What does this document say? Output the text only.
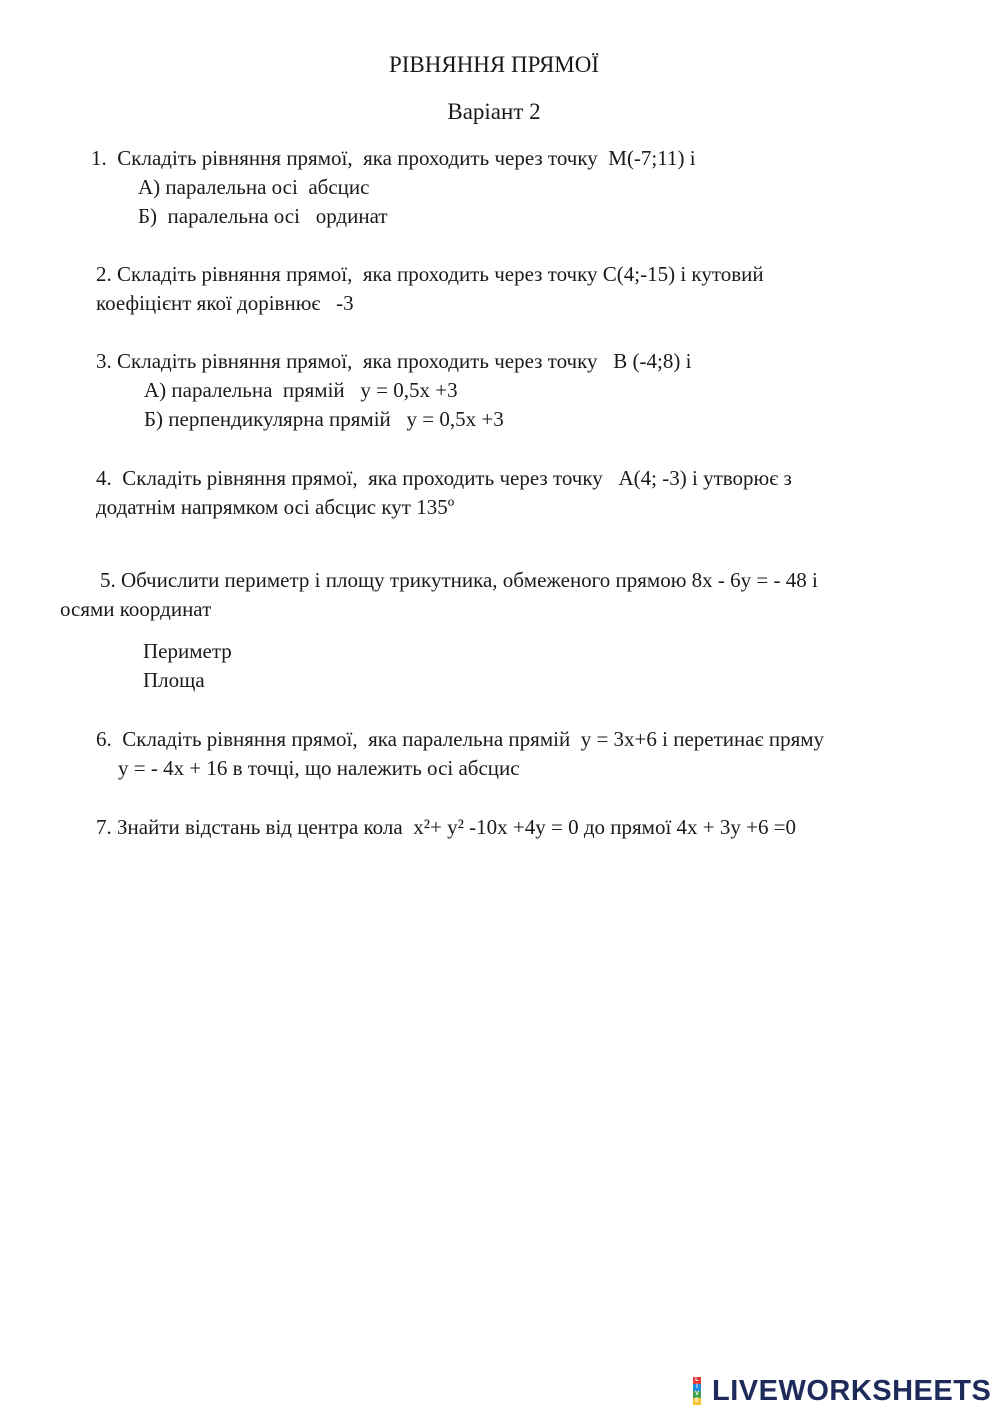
РІВНЯННЯ ПРЯМОЇ
Варіант 2
1.  Складіть рівняння прямої,  яка проходить через точку  М(-7;11) і
А) паралельна осі  абсцис
Б)  паралельна осі   ординат
2. Складіть рівняння прямої,  яка проходить через точку С(4;-15) і кутовий
коефіцієнт якої дорівнює   -3
3. Складіть рівняння прямої,  яка проходить через точку   В (-4;8) і
А) паралельна  прямій   у = 0,5х +3
Б) перпендикулярна прямій   у = 0,5х +3
4.  Складіть рівняння прямої,  яка проходить через точку   А(4; -3) і утворює з
додатнім напрямком осі абсцис кут 135º
5. Обчислити периметр і площу трикутника, обмеженого прямою 8х - 6у = - 48 і
осями координат
Периметр
Площа
6.  Складіть рівняння прямої,  яка паралельна прямій  у = 3х+6 і перетинає пряму
у = - 4х + 16 в точці, що належить осі абсцис
7. Знайти відстань від центра кола  х²+ у² -10х +4у = 0 до прямої 4х + 3у +6 =0
L
I
V
E LIVEWORKSHEETS
